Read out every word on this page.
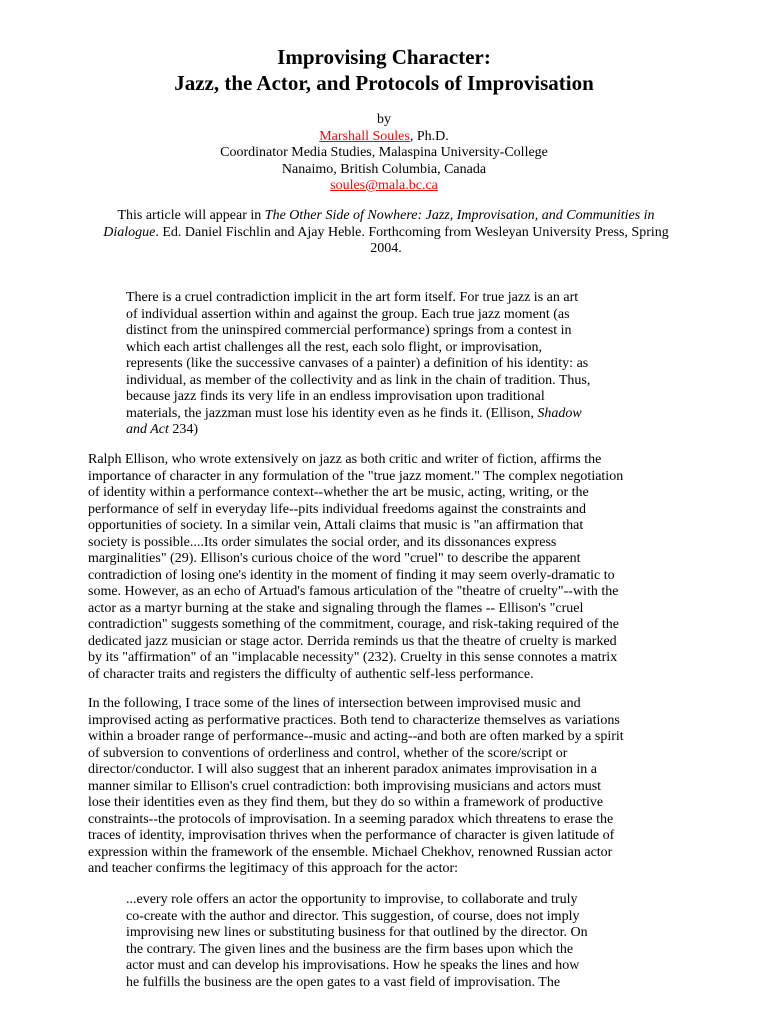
Improvising Character:
Jazz, the Actor, and Protocols of Improvisation
by
Marshall Soules, Ph.D.
Coordinator Media Studies, Malaspina University-College
Nanaimo, British Columbia, Canada
soules@mala.bc.ca
This article will appear in The Other Side of Nowhere: Jazz, Improvisation, and Communities in Dialogue. Ed. Daniel Fischlin and Ajay Heble. Forthcoming from Wesleyan University Press, Spring 2004.
There is a cruel contradiction implicit in the art form itself. For true jazz is an art
of individual assertion within and against the group. Each true jazz moment (as
distinct from the uninspired commercial performance) springs from a contest in
which each artist challenges all the rest, each solo flight, or improvisation,
represents (like the successive canvases of a painter) a definition of his identity: as
individual, as member of the collectivity and as link in the chain of tradition. Thus,
because jazz finds its very life in an endless improvisation upon traditional
materials, the jazzman must lose his identity even as he finds it. (Ellison, Shadow
and Act 234)
Ralph Ellison, who wrote extensively on jazz as both critic and writer of fiction, affirms the
importance of character in any formulation of the "true jazz moment." The complex negotiation
of identity within a performance context--whether the art be music, acting, writing, or the
performance of self in everyday life--pits individual freedoms against the constraints and
opportunities of society. In a similar vein, Attali claims that music is "an affirmation that
society is possible....Its order simulates the social order, and its dissonances express
marginalities" (29). Ellison's curious choice of the word "cruel" to describe the apparent
contradiction of losing one's identity in the moment of finding it may seem overly-dramatic to
some. However, as an echo of Artuad's famous articulation of the "theatre of cruelty"--with the
actor as a martyr burning at the stake and signaling through the flames -- Ellison's "cruel
contradiction" suggests something of the commitment, courage, and risk-taking required of the
dedicated jazz musician or stage actor. Derrida reminds us that the theatre of cruelty is marked
by its "affirmation" of an "implacable necessity" (232). Cruelty in this sense connotes a matrix
of character traits and registers the difficulty of authentic self-less performance.
In the following, I trace some of the lines of intersection between improvised music and
improvised acting as performative practices. Both tend to characterize themselves as variations
within a broader range of performance--music and acting--and both are often marked by a spirit
of subversion to conventions of orderliness and control, whether of the score/script or
director/conductor. I will also suggest that an inherent paradox animates improvisation in a
manner similar to Ellison's cruel contradiction: both improvising musicians and actors must
lose their identities even as they find them, but they do so within a framework of productive
constraints--the protocols of improvisation. In a seeming paradox which threatens to erase the
traces of identity, improvisation thrives when the performance of character is given latitude of
expression within the framework of the ensemble. Michael Chekhov, renowned Russian actor
and teacher confirms the legitimacy of this approach for the actor:
...every role offers an actor the opportunity to improvise, to collaborate and truly
co-create with the author and director. This suggestion, of course, does not imply
improvising new lines or substituting business for that outlined by the director. On
the contrary. The given lines and the business are the firm bases upon which the
actor must and can develop his improvisations. How he speaks the lines and how
he fulfills the business are the open gates to a vast field of improvisation. The
